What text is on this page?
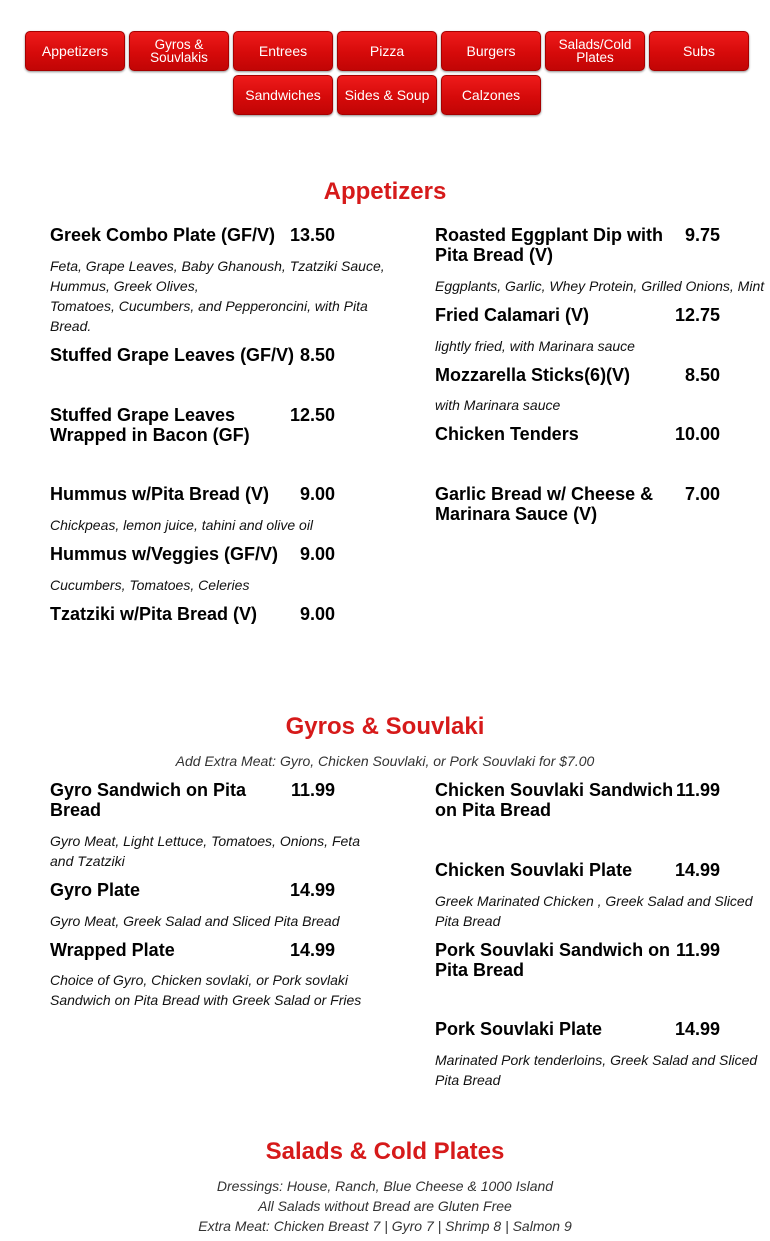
Appetizers	Gyros & Souvlakis	Entrees	Pizza	Burgers	Salads/Cold Plates	Subs
Sandwiches	Sides & Soup	Calzones
Appetizers
Greek Combo Plate (GF/V) 13.50
Feta, Grape Leaves, Baby Ghanoush, Tzatziki Sauce,
Hummus, Greek Olives,
Tomatoes, Cucumbers, and Pepperoncini, with Pita
Bread.
Stuffed Grape Leaves (GF/V) 8.50
Stuffed Grape Leaves Wrapped in Bacon (GF)
12.50
Hummus w/Pita Bread (V)	9.00
Chickpeas, lemon juice, tahini and olive oil
Hummus w/Veggies (GF/V)	9.00
Cucumbers, Tomatoes, Celeries
Tzatziki w/Pita Bread (V)	9.00
Roasted Eggplant Dip with Pita Bread (V)
9.75
Eggplants, Garlic, Whey Protein, Grilled Onions, Mint
Fried Calamari (V)	12.75
lightly fried, with Marinara sauce
Mozzarella Sticks(6)(V)	8.50
with Marinara sauce
Chicken Tenders	10.00
Garlic Bread w/ Cheese & Marinara Sauce (V)
7.00
Gyros & Souvlaki
Add Extra Meat: Gyro, Chicken Souvlaki, or Pork Souvlaki for $7.00
Gyro Sandwich on Pita Bread
11.99
Gyro Meat, Light Lettuce, Tomatoes, Onions, Feta and Tzatziki
Gyro Plate	14.99
Gyro Meat, Greek Salad and Sliced Pita Bread
Wrapped Plate	14.99
Choice of Gyro, Chicken sovlaki, or Pork sovlaki Sandwich on Pita Bread with Greek Salad or Fries
Chicken Souvlaki Sandwich on Pita Bread
11.99
Chicken Souvlaki Plate	14.99
Greek Marinated Chicken , Greek Salad and Sliced Pita Bread
Pork Souvlaki Sandwich on Pita Bread
11.99
Pork Souvlaki Plate	14.99
Marinated Pork tenderloins, Greek Salad and Sliced Pita Bread
Salads & Cold Plates
Dressings: House, Ranch, Blue Cheese & 1000 Island
All Salads without Bread are Gluten Free
Extra Meat: Chicken Breast 7 | Gyro 7 | Shrimp 8 | Salmon 9
